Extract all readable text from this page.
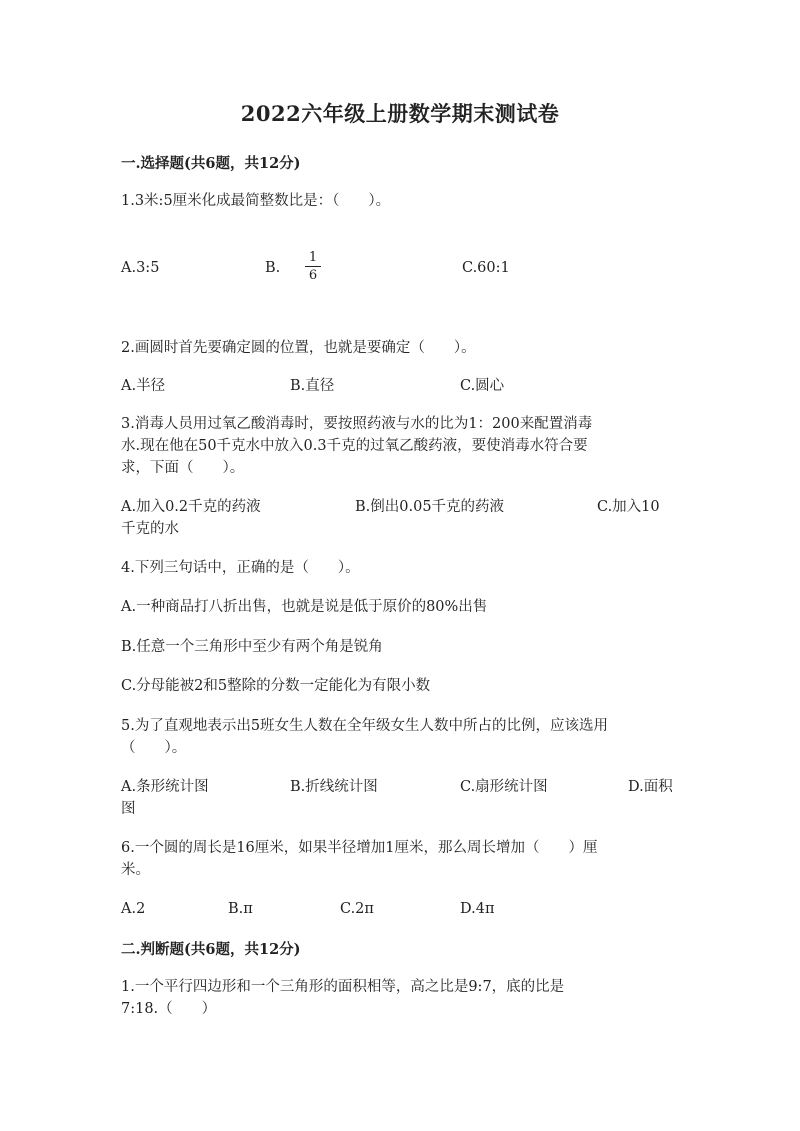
2022六年级上册数学期末测试卷
一.选择题(共6题，共12分)
1.3米:5厘米化成最简整数比是：（　　）。
A.3:5	B.
1
6	C.60:1
2.画圆时首先要确定圆的位置，也就是要确定（　　）。
A.半径	B.直径	C.圆心
3.消毒人员用过氧乙酸消毒时，要按照药液与水的比为1：200来配置消毒
水.现在他在50千克水中放入0.3千克的过氧乙酸药液，要使消毒水符合要
求，下面（　　）。
A.加入0.2千克的药液	B.倒出0.05千克的药液	C.加入10
千克的水
4.下列三句话中，正确的是（　　）。
A.一种商品打八折出售，也就是说是低于原价的80%出售
B.任意一个三角形中至少有两个角是锐角
C.分母能被2和5整除的分数一定能化为有限小数
5.为了直观地表示出5班女生人数在全年级女生人数中所占的比例，应该选用
（　　）。
A.条形统计图	B.折线统计图	C.扇形统计图	D.面积
图
6.一个圆的周长是16厘米，如果半径增加1厘米，那么周长增加（　　）厘
米。
A.2	B.π	C.2π	D.4π
二.判断题(共6题，共12分)
1.一个平行四边形和一个三角形的面积相等，高之比是9:7，底的比是
7:18.（　　）
